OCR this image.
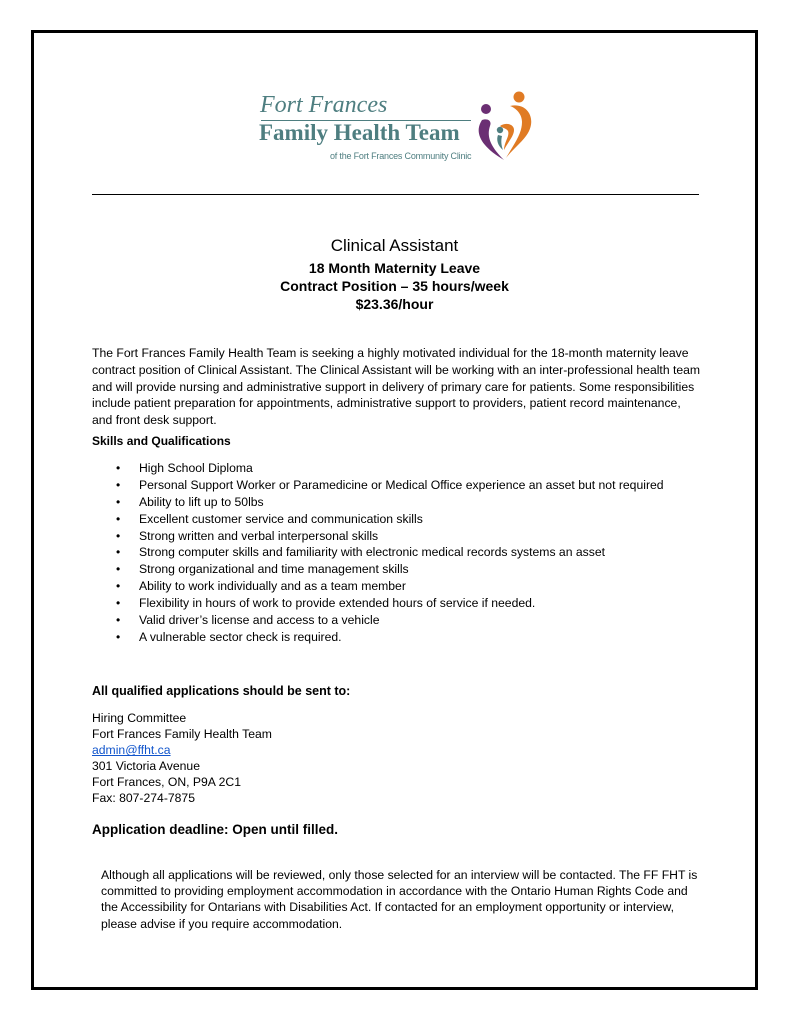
Fort Frances
Family Health Team
of the Fort Frances Community Clinic
Clinical Assistant
18 Month Maternity Leave
Contract Position – 35 hours/week
$23.36/hour
The Fort Frances Family Health Team is seeking a highly motivated individual for the 18-month maternity leave contract position of Clinical Assistant. The Clinical Assistant will be working with an inter-professional health team and will provide nursing and administrative support in delivery of primary care for patients. Some responsibilities include patient preparation for appointments, administrative support to providers, patient record maintenance, and front desk support.
Skills and Qualifications
• High School Diploma
• Personal Support Worker or Paramedicine or Medical Office experience an asset but not required
• Ability to lift up to 50lbs
• Excellent customer service and communication skills
• Strong written and verbal interpersonal skills
• Strong computer skills and familiarity with electronic medical records systems an asset
• Strong organizational and time management skills
• Ability to work individually and as a team member
• Flexibility in hours of work to provide extended hours of service if needed.
• Valid driver’s license and access to a vehicle
• A vulnerable sector check is required.
All qualified applications should be sent to:
Hiring Committee
Fort Frances Family Health Team
admin@ffht.ca
301 Victoria Avenue
Fort Frances, ON, P9A 2C1
Fax: 807-274-7875
Application deadline: Open until filled.
Although all applications will be reviewed, only those selected for an interview will be contacted. The FF FHT is committed to providing employment accommodation in accordance with the Ontario Human Rights Code and the Accessibility for Ontarians with Disabilities Act. If contacted for an employment opportunity or interview, please advise if you require accommodation.
